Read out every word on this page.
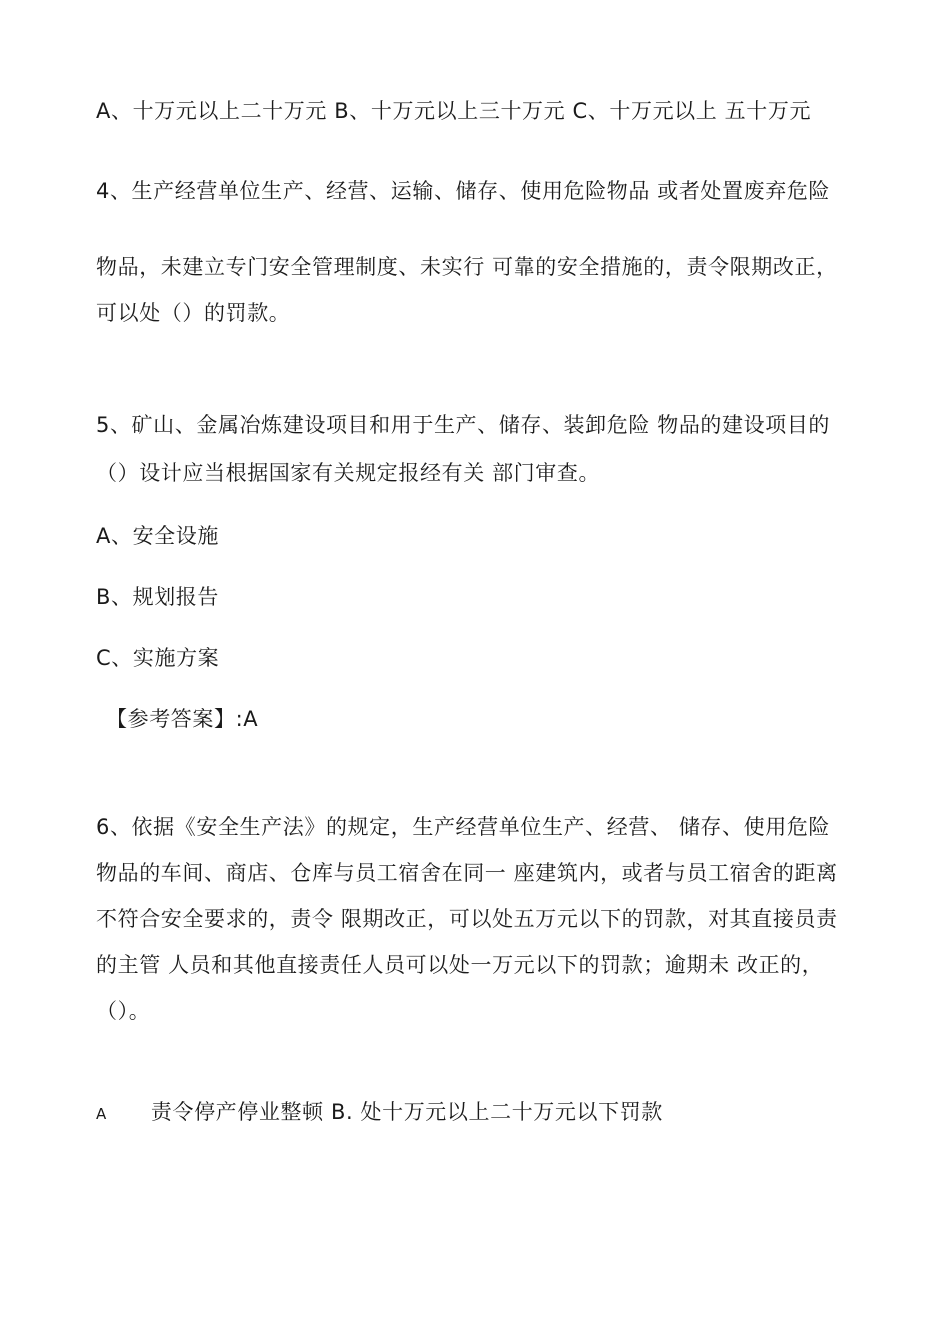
A、十万元以上二十万元 B、十万元以上三十万元 C、十万元以上 五十万元
4、生产经营单位生产、经营、运输、储存、使用危险物品 或者处置废弃危险
物品，未建立专门安全管理制度、未实行 可靠的安全措施的，责令限期改正，
可以处（）的罚款。
5、矿山、金属冶炼建设项目和用于生产、储存、装卸危险 物品的建设项目的
（）设计应当根据国家有关规定报经有关 部门审查。
A、安全设施
B、规划报告
C、实施方案
【参考答案】:A
6、依据《安全生产法》的规定，生产经营单位生产、经营、 储存、使用危险
物品的车间、商店、仓库与员工宿舍在同一 座建筑内，或者与员工宿舍的距离
不符合安全要求的，责令 限期改正，可以处五万元以下的罚款，对其直接员责
的主管 人员和其他直接责任人员可以处一万元以下的罚款；逾期未 改正的，
（）。
A 责令停产停业整顿 B. 处十万元以上二十万元以下罚款
